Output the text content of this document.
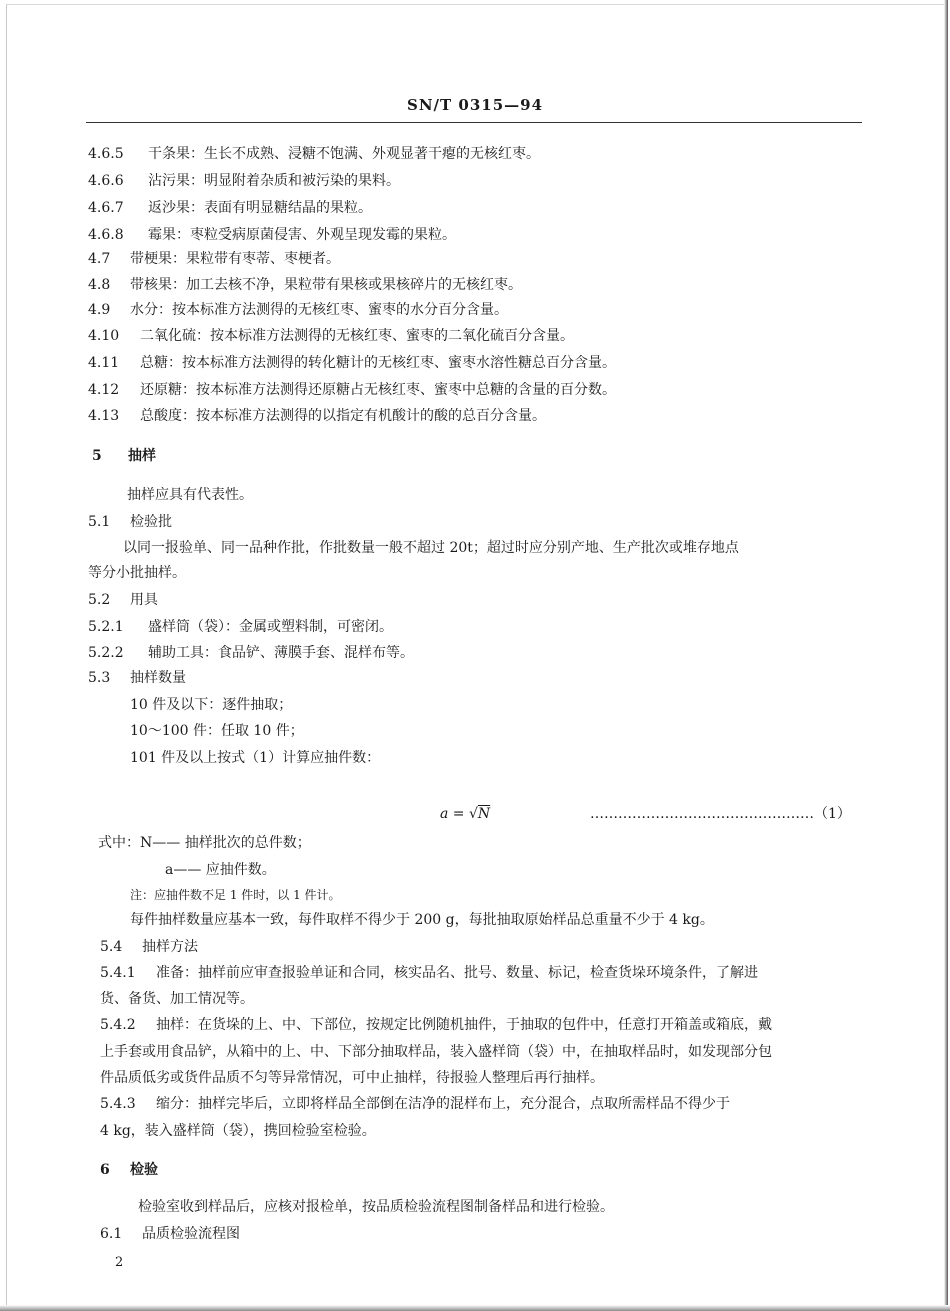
SN/T 0315—94
4.6.5 干条果：生长不成熟、浸糖不饱满、外观显著干瘪的无核红枣。
4.6.6 沾污果：明显附着杂质和被污染的果料。
4.6.7 返沙果：表面有明显糖结晶的果粒。
4.6.8 霉果：枣粒受病原菌侵害、外观呈现发霉的果粒。
4.7 带梗果：果粒带有枣蒂、枣梗者。
4.8 带核果：加工去核不净，果粒带有果核或果核碎片的无核红枣。
4.9 水分：按本标准方法测得的无核红枣、蜜枣的水分百分含量。
4.10 二氧化硫：按本标准方法测得的无核红枣、蜜枣的二氧化硫百分含量。
4.11 总糖：按本标准方法测得的转化糖计的无核红枣、蜜枣水溶性糖总百分含量。
4.12 还原糖：按本标准方法测得还原糖占无核红枣、蜜枣中总糖的含量的百分数。
4.13 总酸度：按本标准方法测得的以指定有机酸计的酸的总百分含量。
5 抽样
抽样应具有代表性。
5.1 检验批
以同一报验单、同一品种作批，作批数量一般不超过 20t；超过时应分别产地、生产批次或堆存地点
等分小批抽样。
5.2 用具
5.2.1 盛样筒（袋）：金属或塑料制，可密闭。
5.2.2 辅助工具：食品铲、薄膜手套、混样布等。
5.3 抽样数量
10 件及以下：逐件抽取；
10～100 件：任取 10 件；
101 件及以上按式（1）计算应抽件数：
a = √N	…………………………………………（1）
式中：N—— 抽样批次的总件数；
a—— 应抽件数。
注：应抽件数不足 1 件时，以 1 件计。
每件抽样数量应基本一致，每件取样不得少于 200 g，每批抽取原始样品总重量不少于 4 kg。
5.4 抽样方法
5.4.1 准备：抽样前应审查报验单证和合同，核实品名、批号、数量、标记，检查货垛环境条件，了解进
货、备货、加工情况等。
5.4.2 抽样：在货垛的上、中、下部位，按规定比例随机抽件，于抽取的包件中，任意打开箱盖或箱底，戴
上手套或用食品铲，从箱中的上、中、下部分抽取样品，装入盛样筒（袋）中，在抽取样品时，如发现部分包
件品质低劣或货件品质不匀等异常情况，可中止抽样，待报验人整理后再行抽样。
5.4.3 缩分：抽样完毕后，立即将样品全部倒在洁净的混样布上，充分混合，点取所需样品不得少于
4 kg，装入盛样筒（袋），携回检验室检验。
6 检验
检验室收到样品后，应核对报检单，按品质检验流程图制备样品和进行检验。
6.1 品质检验流程图
2
